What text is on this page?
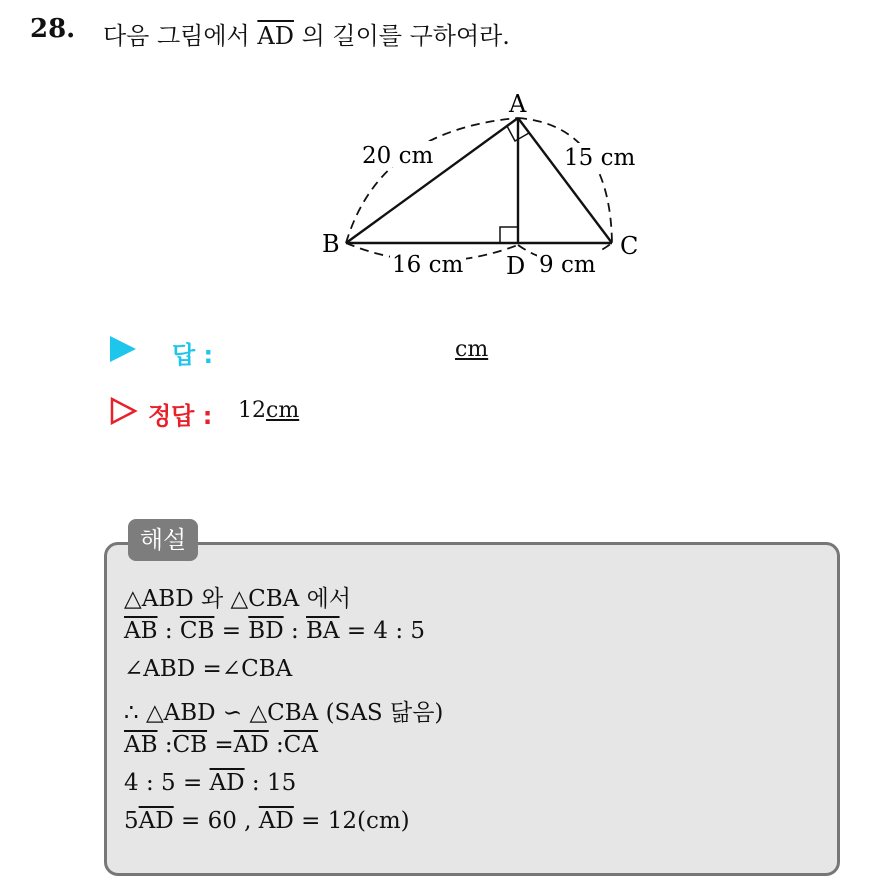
28. 다음 그림에서 $\overline{AD}$ 의 길이를 구하여라.
A
B	C
D
20 cm	15 cm
16 cm	9 cm
답 :	cm
정답 : 12cm
해설
△ABD 와 △CBA 에서
$\overline{AB}$ : $\overline{CB} = \overline{BD}$ : $\overline{BA} = 4$ : 5
∠ABD =∠CBA
∴ △ABD ∽ △CBA (SAS 닮음)
$\overline{AB}$ $:\overline{CB} =\overline{AD}$ $:\overline{CA}$
4 : $5 = \overline{AD}$ : 15
$5\overline{AD} = 60$ , $\overline{AD} = 12(cm)$
